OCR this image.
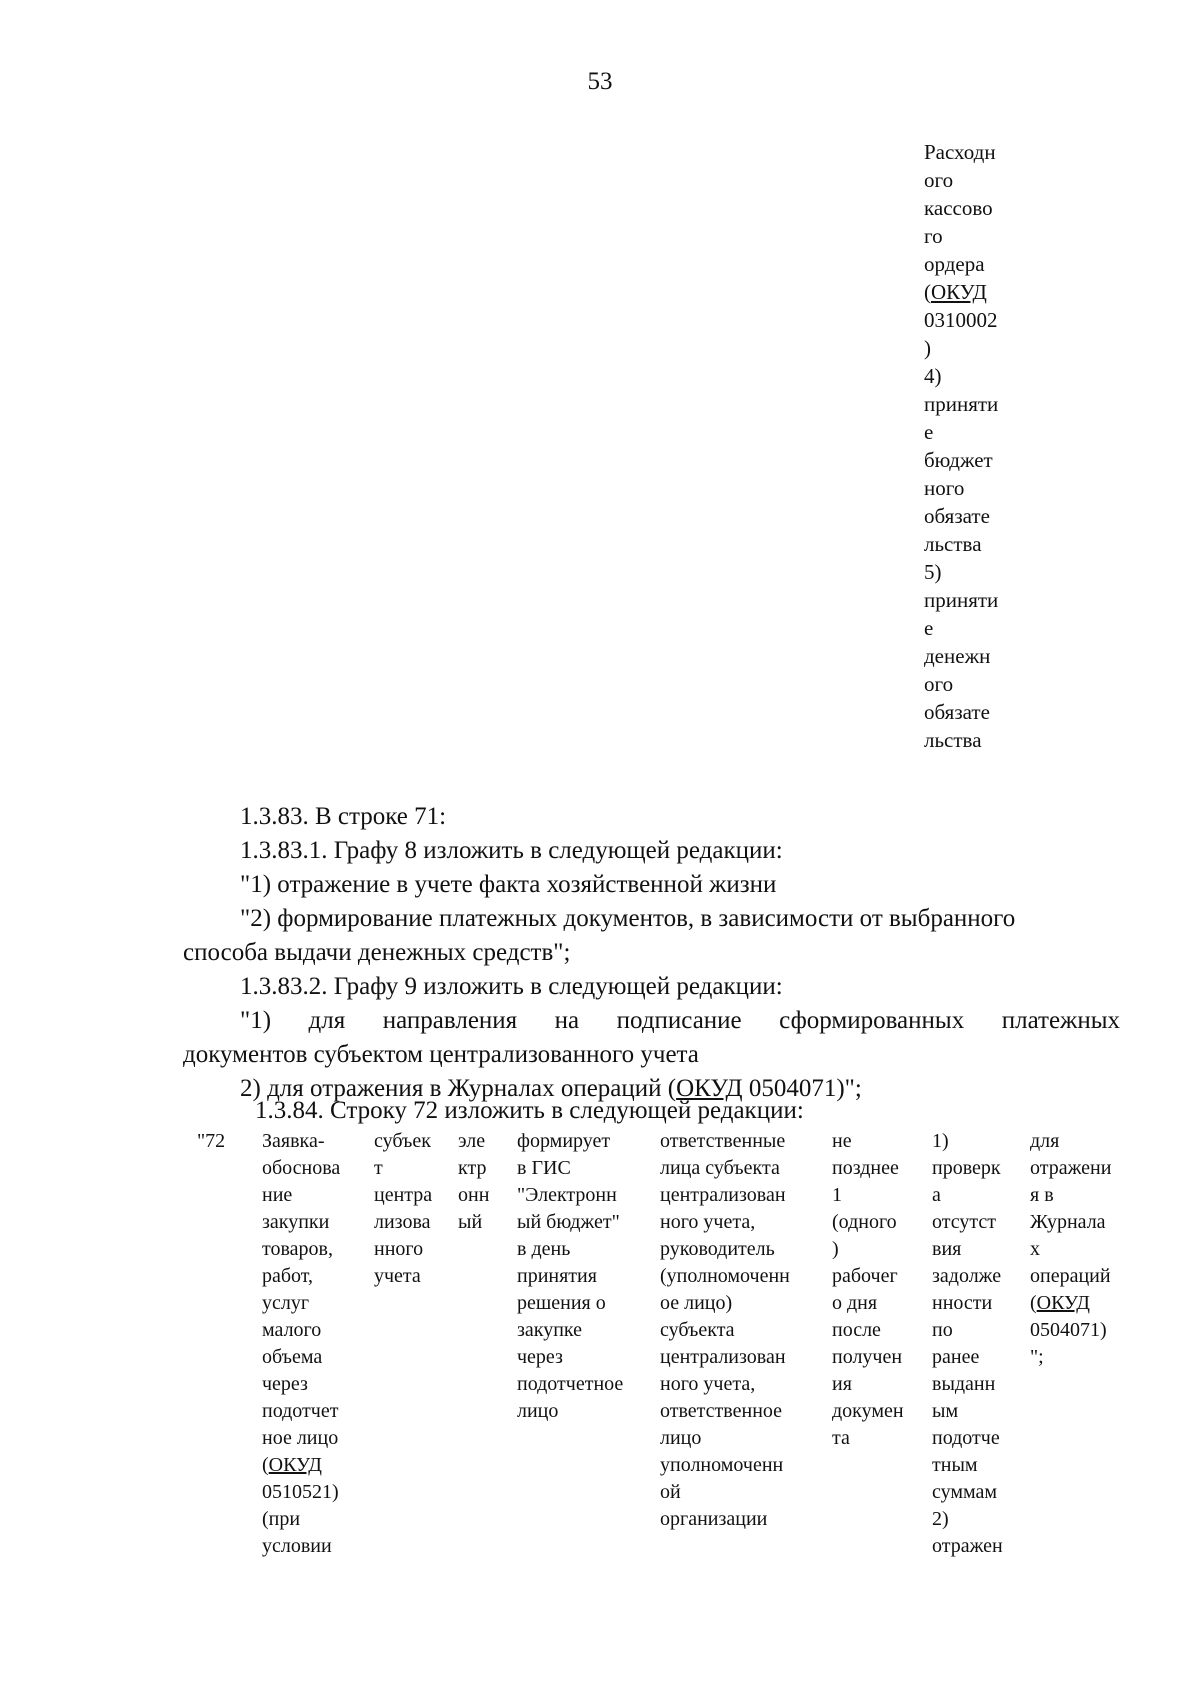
53
Расходн
ого
кассово
го
ордера
(ОКУД
0310002
)
4)
приняти
е
бюджет
ного
обязате
льства
5)
приняти
е
денежн
ого
обязате
льства
1.3.83. В строке 71:
1.3.83.1. Графу 8 изложить в следующей редакции:
"1) отражение в учете факта хозяйственной жизни
"2) формирование платежных документов, в зависимости от выбранного
способа выдачи денежных средств";
1.3.83.2. Графу 9 изложить в следующей редакции:
"1) для направления на подписание сформированных платежных
документов субъектом централизованного учета
2) для отражения в Журналах операций (ОКУД 0504071)";
1.3.84. Строку 72 изложить в следующей редакции:
"72 Заявка-
обоснова
ние
закупки
товаров,
работ,
услуг
малого
объема
через
подотчет
ное лицо
(ОКУД
0510521)
(при
условии
субъек
т
центра
лизова
нного
учета
эле
ктр
онн
ый
формирует
в ГИС
"Электронн
ый бюджет"
в день
принятия
решения о
закупке
через
подотчетное
лицо
ответственные
лица субъекта
централизован
ного учета,
руководитель
(уполномоченн
ое лицо)
субъекта
централизован
ного учета,
ответственное
лицо
уполномоченн
ой
организации
не
позднее
1
(одного
)
рабочег
о дня
после
получен
ия
докумен
та
1)
проверк
а
отсутст
вия
задолже
нности
по
ранее
выданн
ым
подотче
тным
суммам
2)
отражен
для
отражени
я в
Журнала
х
операций
(ОКУД
0504071)
";
